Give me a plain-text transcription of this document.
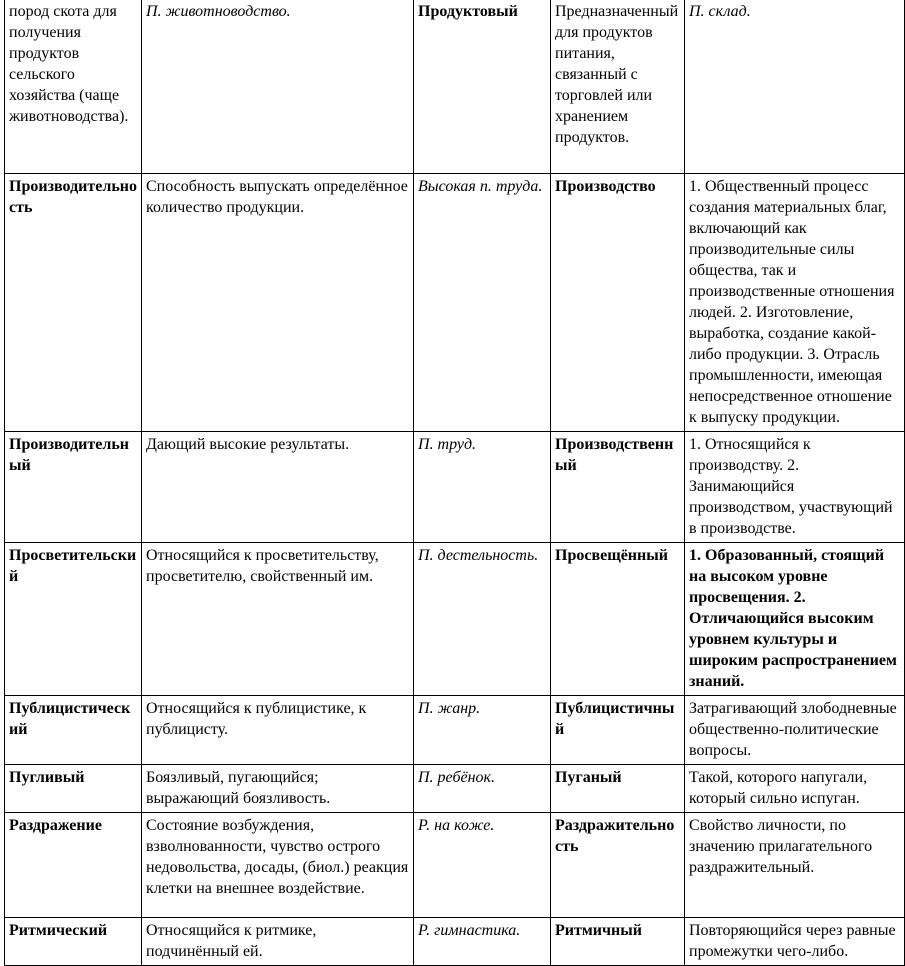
пород скота для получения продуктов сельского хозяйства (чаще животноводства).	П. животноводство.	Продуктовый	Предназначенный для продуктов питания, связанный с торговлей или хранением продуктов.	П. склад.
Производительность	Способность выпускать определённое количество продукции.	Высокая п. труда.	Производство	1. Общественный процесс создания материальных благ, включающий как производительные силы общества, так и производственные отношения людей. 2. Изготовление, выработка, создание какой-либо продукции. 3. Отрасль промышленности, имеющая непосредственное отношение к выпуску продукции.
Производительный	Дающий высокие результаты.	П. труд.	Производственный	1. Относящийся к производству. 2. Занимающийся производством, участвующий в производстве.
Просветительский	Относящийся к просветительству, просветителю, свойственный им.	П. дестельность.	Просвещённый	1. Образованный, стоящий на высоком уровне просвещения. 2. Отличающийся высоким уровнем культуры и широким распространением знаний.
Публицистический	Относящийся к публицистике, к публицисту.	П. жанр.	Публицистичный	Затрагивающий злободневные общественно-политические вопросы.
Пугливый	Боязливый, пугающийся; выражающий боязливость.	П. ребёнок.	Пуганый	Такой, которого напугали, который сильно испуган.
Раздражение	Состояние возбуждения, взволнованности, чувство острого недовольства, досады, (биол.) реакция клетки на внешнее воздействие.	Р. на коже.	Раздражительность	Свойство личности, по значению прилагательного раздражительный.
Ритмический	Относящийся к ритмике, подчинённый ей.	Р. гимнастика.	Ритмичный	Повторяющийся через равные промежутки чего-либо.
